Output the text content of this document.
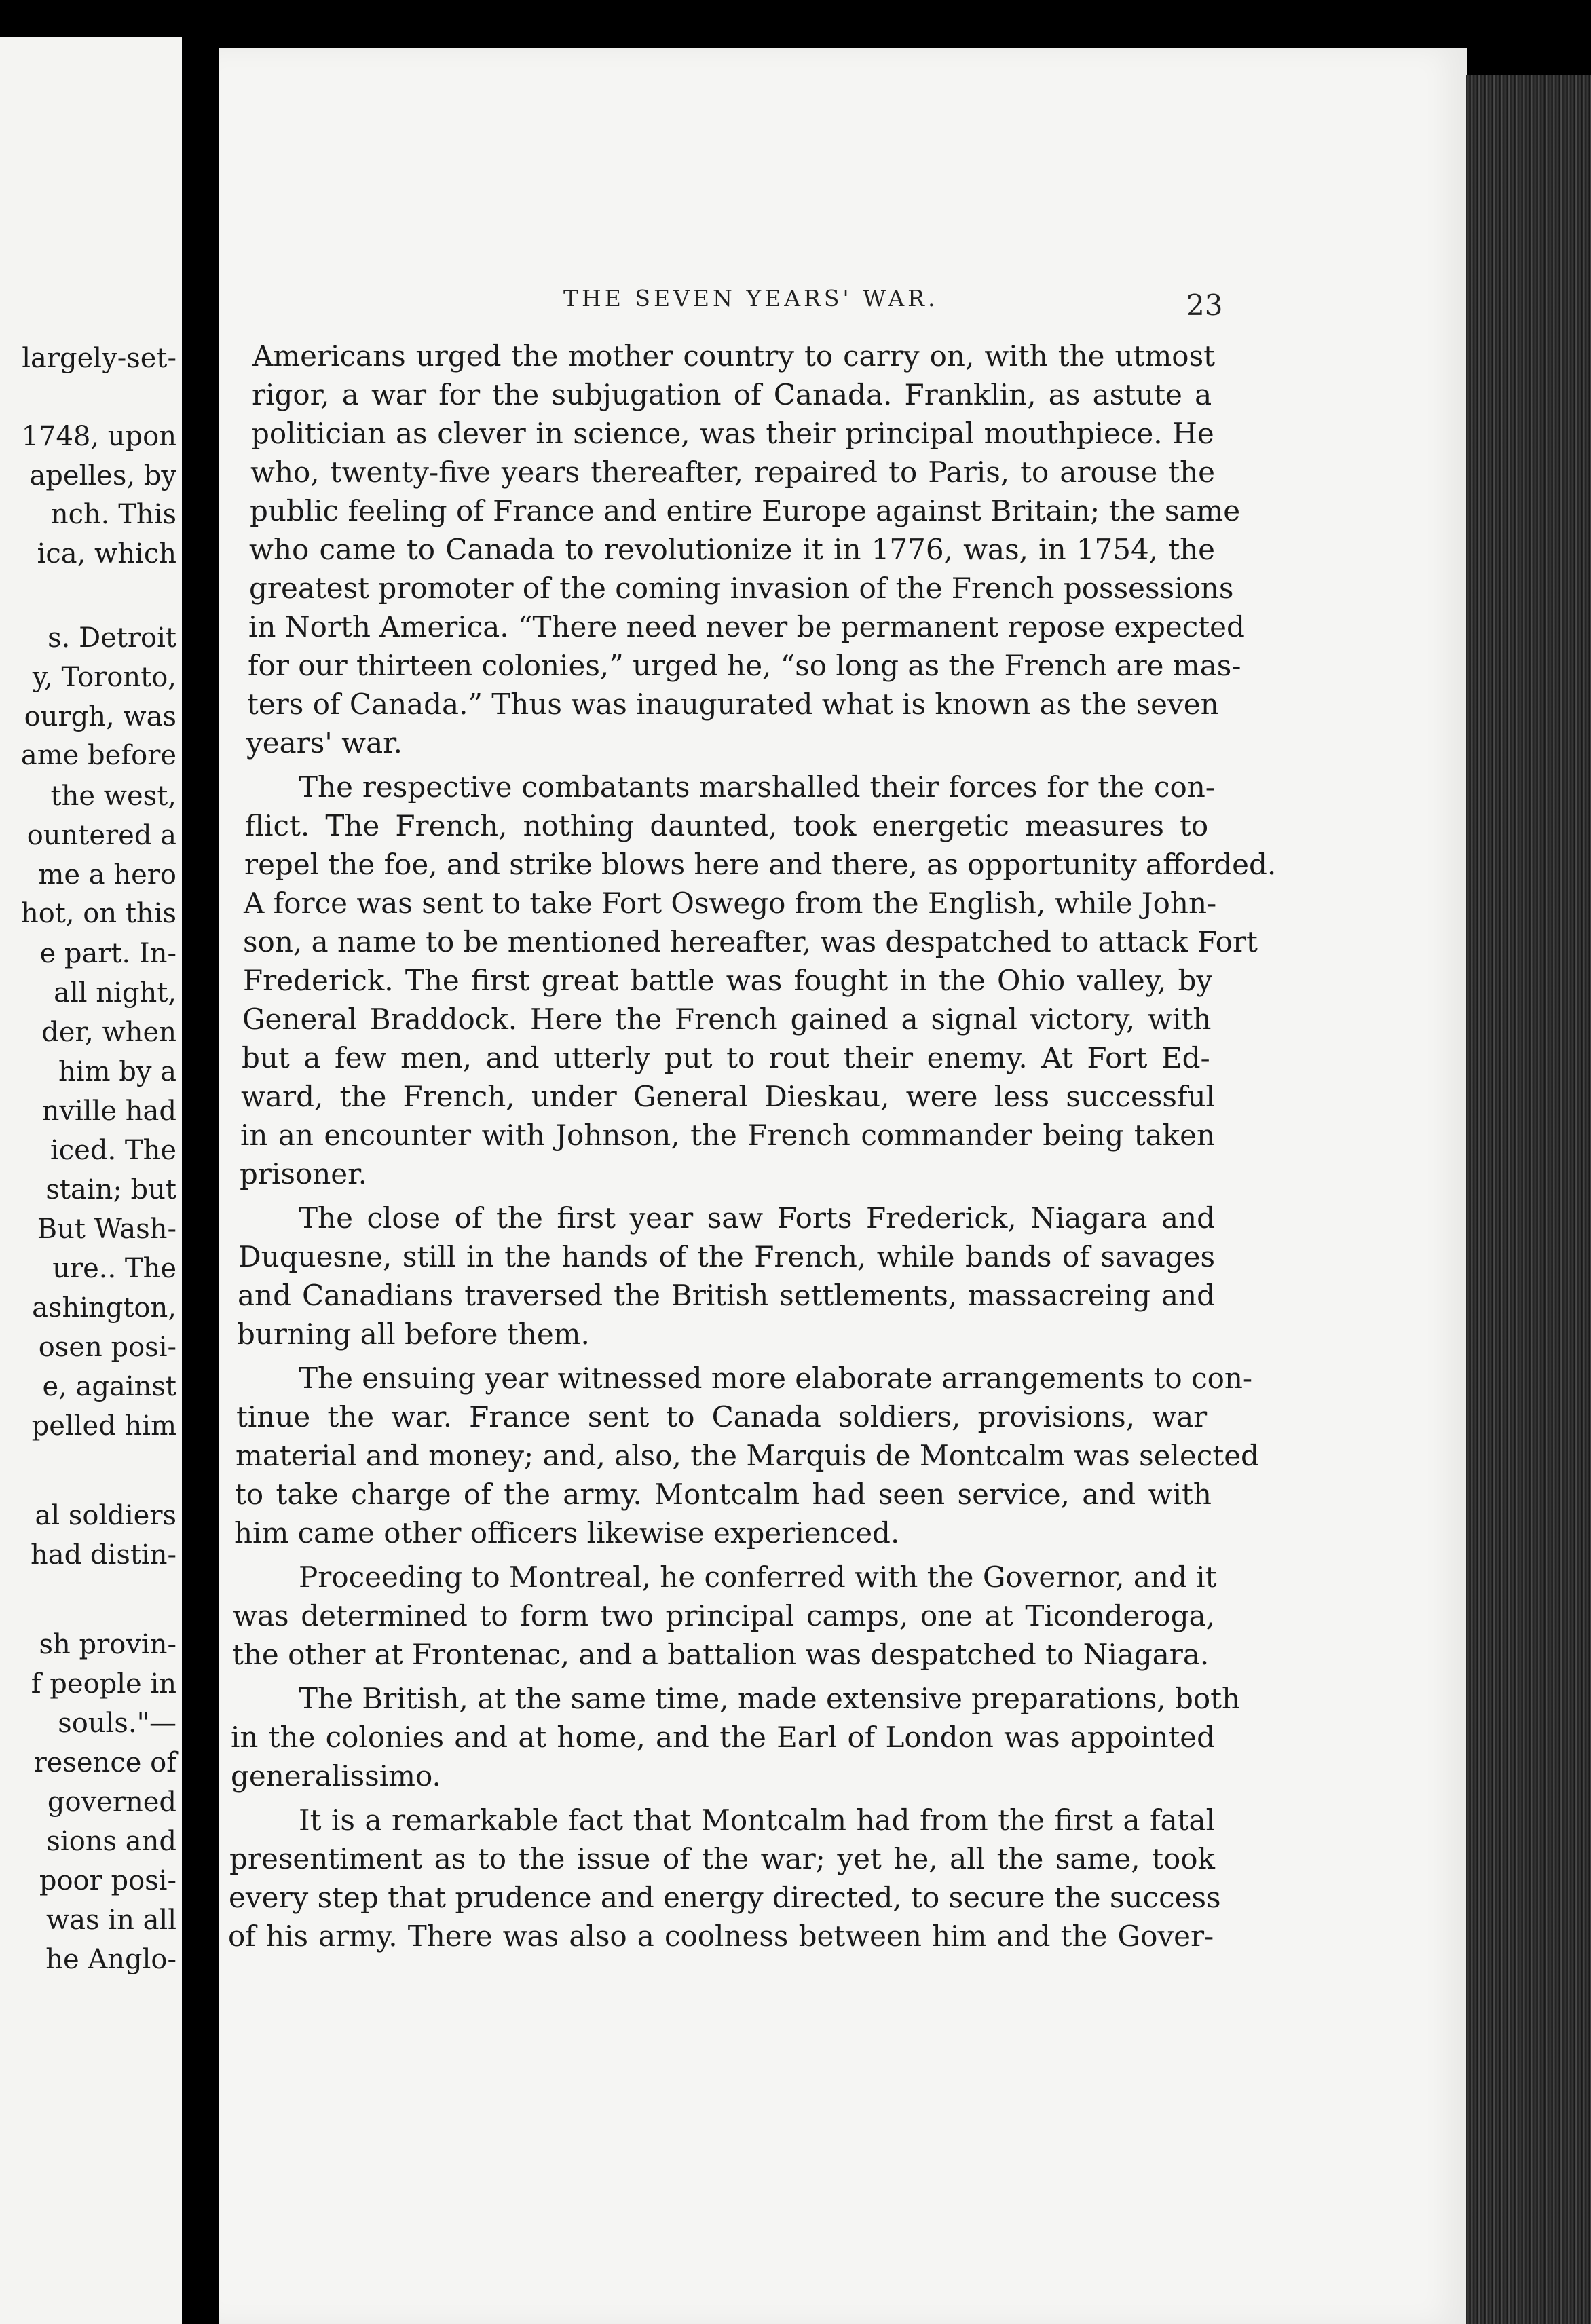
largely-set-
1748, upon
apelles, by
nch. This
ica, which
s. Detroit
y, Toronto,
ourgh, was
ame before
the west,
ountered a
me a hero
hot, on this
e part. In-
all night,
der, when
him by a
nville had
iced. The
stain; but
But Wash-
ure.. The
ashington,
osen posi-
e, against
pelled him
al soldiers
had distin-
sh provin-
f people in
souls."—
resence of
governed
sions and
poor posi-
was in all
he Anglo-
THE SEVEN YEARS' WAR.	23
Americans urged the mother country to carry on, with the utmost
rigor, a war for the subjugation of Canada. Franklin, as astute a
politician as clever in science, was their principal mouthpiece. He
who, twenty-five years thereafter, repaired to Paris, to arouse the
public feeling of France and entire Europe against Britain; the same
who came to Canada to revolutionize it in 1776, was, in 1754, the
greatest promoter of the coming invasion of the French possessions
in North America. “There need never be permanent repose expected
for our thirteen colonies,” urged he, “so long as the French are mas-
ters of Canada.” Thus was inaugurated what is known as the seven
years' war.
The respective combatants marshalled their forces for the con-
flict. The French, nothing daunted, took energetic measures to
repel the foe, and strike blows here and there, as opportunity afforded.
A force was sent to take Fort Oswego from the English, while John-
son, a name to be mentioned hereafter, was despatched to attack Fort
Frederick. The first great battle was fought in the Ohio valley, by
General Braddock. Here the French gained a signal victory, with
but a few men, and utterly put to rout their enemy. At Fort Ed-
ward, the French, under General Dieskau, were less successful
in an encounter with Johnson, the French commander being taken
prisoner.
The close of the first year saw Forts Frederick, Niagara and
Duquesne, still in the hands of the French, while bands of savages
and Canadians traversed the British settlements, massacreing and
burning all before them.
The ensuing year witnessed more elaborate arrangements to con-
tinue the war. France sent to Canada soldiers, provisions, war
material and money; and, also, the Marquis de Montcalm was selected
to take charge of the army. Montcalm had seen service, and with
him came other officers likewise experienced.
Proceeding to Montreal, he conferred with the Governor, and it
was determined to form two principal camps, one at Ticonderoga,
the other at Frontenac, and a battalion was despatched to Niagara.
The British, at the same time, made extensive preparations, both
in the colonies and at home, and the Earl of London was appointed
generalissimo.
It is a remarkable fact that Montcalm had from the first a fatal
presentiment as to the issue of the war; yet he, all the same, took
every step that prudence and energy directed, to secure the success
of his army. There was also a coolness between him and the Gover-
